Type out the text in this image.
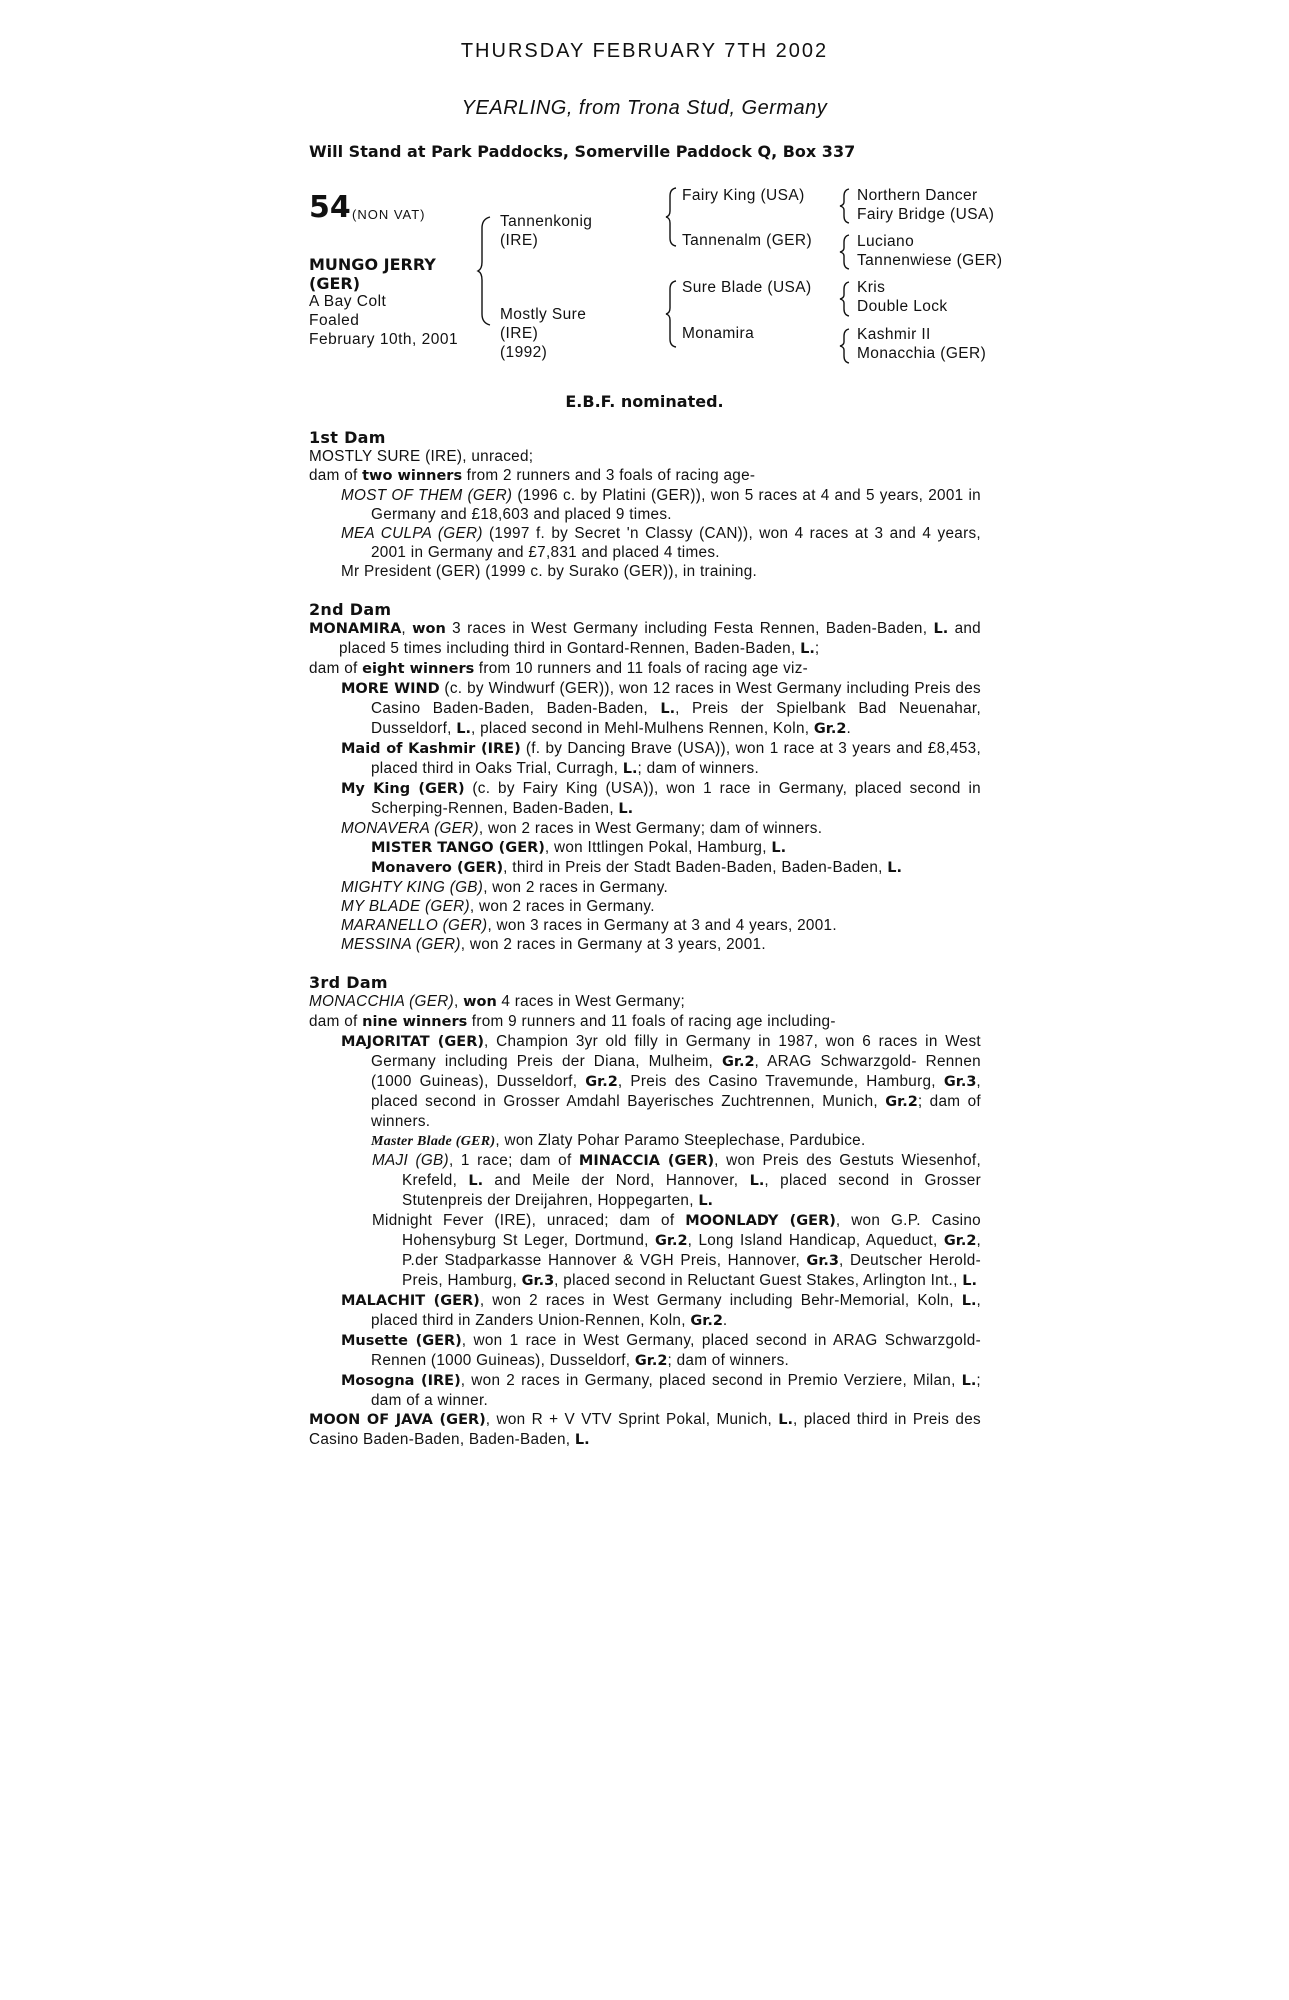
THURSDAY FEBRUARY 7TH 2002
YEARLING, from Trona Stud, Germany
Will Stand at Park Paddocks, Somerville Paddock Q, Box 337
54 (NON VAT)
MUNGO JERRY
(GER)
A Bay Colt
Foaled
February 10th, 2001
Tannenkonig
(IRE)
Mostly Sure
(IRE)
(1992)
Fairy King (USA)
Tannenalm (GER)
Sure Blade (USA)
Monamira
Northern Dancer
Fairy Bridge (USA)
Luciano
Tannenwiese (GER)
Kris
Double Lock
Kashmir II
Monacchia (GER)
E.B.F. nominated.
1st Dam
MOSTLY SURE (IRE), unraced;
dam of two winners from 2 runners and 3 foals of racing age-
MOST OF THEM (GER) (1996 c. by Platini (GER)), won 5 races at 4 and 5 years, 2001 in Germany and £18,603 and placed 9 times.
MEA CULPA (GER) (1997 f. by Secret 'n Classy (CAN)), won 4 races at 3 and 4 years, 2001 in Germany and £7,831 and placed 4 times.
Mr President (GER) (1999 c. by Surako (GER)), in training.
2nd Dam
MONAMIRA, won 3 races in West Germany including Festa Rennen, Baden-Baden, L. and placed 5 times including third in Gontard-Rennen, Baden-Baden, L.;
dam of eight winners from 10 runners and 11 foals of racing age viz-
MORE WIND (c. by Windwurf (GER)), won 12 races in West Germany including Preis des Casino Baden-Baden, Baden-Baden, L., Preis der Spielbank Bad Neuenahar, Dusseldorf, L., placed second in Mehl-Mulhens Rennen, Koln, Gr.2.
Maid of Kashmir (IRE) (f. by Dancing Brave (USA)), won 1 race at 3 years and £8,453, placed third in Oaks Trial, Curragh, L.; dam of winners.
My King (GER) (c. by Fairy King (USA)), won 1 race in Germany, placed second in Scherping-Rennen, Baden-Baden, L.
MONAVERA (GER), won 2 races in West Germany; dam of winners.
MISTER TANGO (GER), won Ittlingen Pokal, Hamburg, L.
Monavero (GER), third in Preis der Stadt Baden-Baden, Baden-Baden, L.
MIGHTY KING (GB), won 2 races in Germany.
MY BLADE (GER), won 2 races in Germany.
MARANELLO (GER), won 3 races in Germany at 3 and 4 years, 2001.
MESSINA (GER), won 2 races in Germany at 3 years, 2001.
3rd Dam
MONACCHIA (GER), won 4 races in West Germany;
dam of nine winners from 9 runners and 11 foals of racing age including-
MAJORITAT (GER), Champion 3yr old filly in Germany in 1987, won 6 races in West Germany including Preis der Diana, Mulheim, Gr.2, ARAG Schwarzgold- Rennen (1000 Guineas), Dusseldorf, Gr.2, Preis des Casino Travemunde, Hamburg, Gr.3, placed second in Grosser Amdahl Bayerisches Zuchtrennen, Munich, Gr.2; dam of winners.
Master Blade (GER), won Zlaty Pohar Paramo Steeplechase, Pardubice.
MAJI (GB), 1 race; dam of MINACCIA (GER), won Preis des Gestuts Wiesenhof, Krefeld, L. and Meile der Nord, Hannover, L., placed second in Grosser Stutenpreis der Dreijahren, Hoppegarten, L.
Midnight Fever (IRE), unraced; dam of MOONLADY (GER), won G.P. Casino Hohensyburg St Leger, Dortmund, Gr.2, Long Island Handicap, Aqueduct, Gr.2, P.der Stadparkasse Hannover & VGH Preis, Hannover, Gr.3, Deutscher Herold-Preis, Hamburg, Gr.3, placed second in Reluctant Guest Stakes, Arlington Int., L.
MALACHIT (GER), won 2 races in West Germany including Behr-Memorial, Koln, L., placed third in Zanders Union-Rennen, Koln, Gr.2.
Musette (GER), won 1 race in West Germany, placed second in ARAG Schwarzgold-Rennen (1000 Guineas), Dusseldorf, Gr.2; dam of winners.
Mosogna (IRE), won 2 races in Germany, placed second in Premio Verziere, Milan, L.; dam of a winner.
MOON OF JAVA (GER), won R + V VTV Sprint Pokal, Munich, L., placed third in Preis des Casino Baden-Baden, Baden-Baden, L.
